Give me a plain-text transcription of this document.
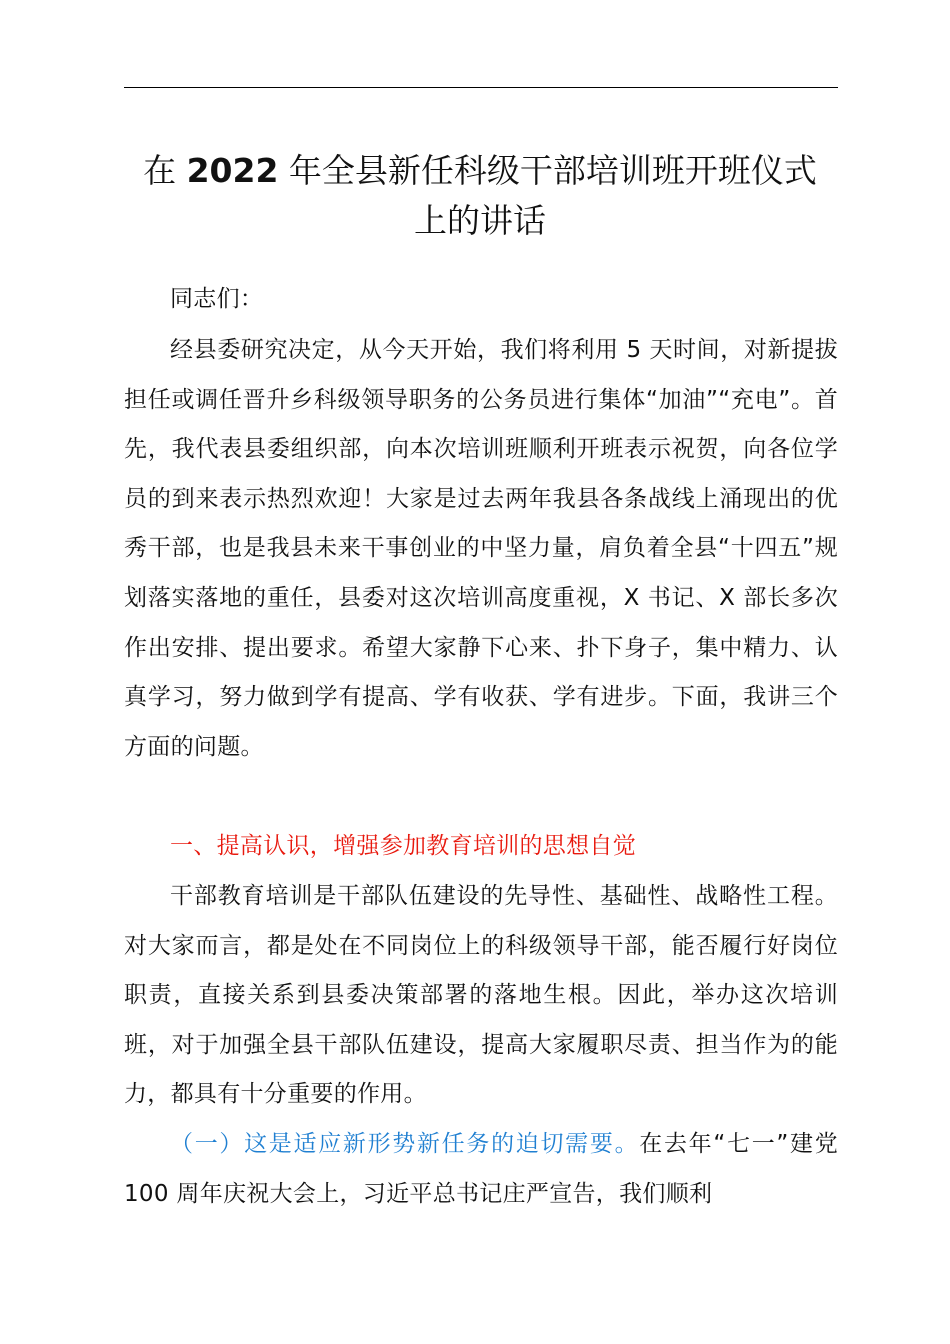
在 2022 年全县新任科级干部培训班开班仪式
上的讲话

同志们：

经县委研究决定，从今天开始，我们将利用 5 天时间，对新提拔担任或调任晋升乡科级领导职务的公务员进行集体“加油”“充电”。首先，我代表县委组织部，向本次培训班顺利开班表示祝贺，向各位学员的到来表示热烈欢迎！大家是过去两年我县各条战线上涌现出的优秀干部，也是我县未来干事创业的中坚力量，肩负着全县“十四五”规划落实落地的重任，县委对这次培训高度重视，X 书记、X 部长多次作出安排、提出要求。希望大家静下心来、扑下身子，集中精力、认真学习，努力做到学有提高、学有收获、学有进步。下面，我讲三个方面的问题。

一、提高认识，增强参加教育培训的思想自觉

干部教育培训是干部队伍建设的先导性、基础性、战略性工程。对大家而言，都是处在不同岗位上的科级领导干部，能否履行好岗位职责，直接关系到县委决策部署的落地生根。因此，举办这次培训班，对于加强全县干部队伍建设，提高大家履职尽责、担当作为的能力，都具有十分重要的作用。

（一）这是适应新形势新任务的迫切需要。在去年“七一”建党 100 周年庆祝大会上，习近平总书记庄严宣告，我们顺利
